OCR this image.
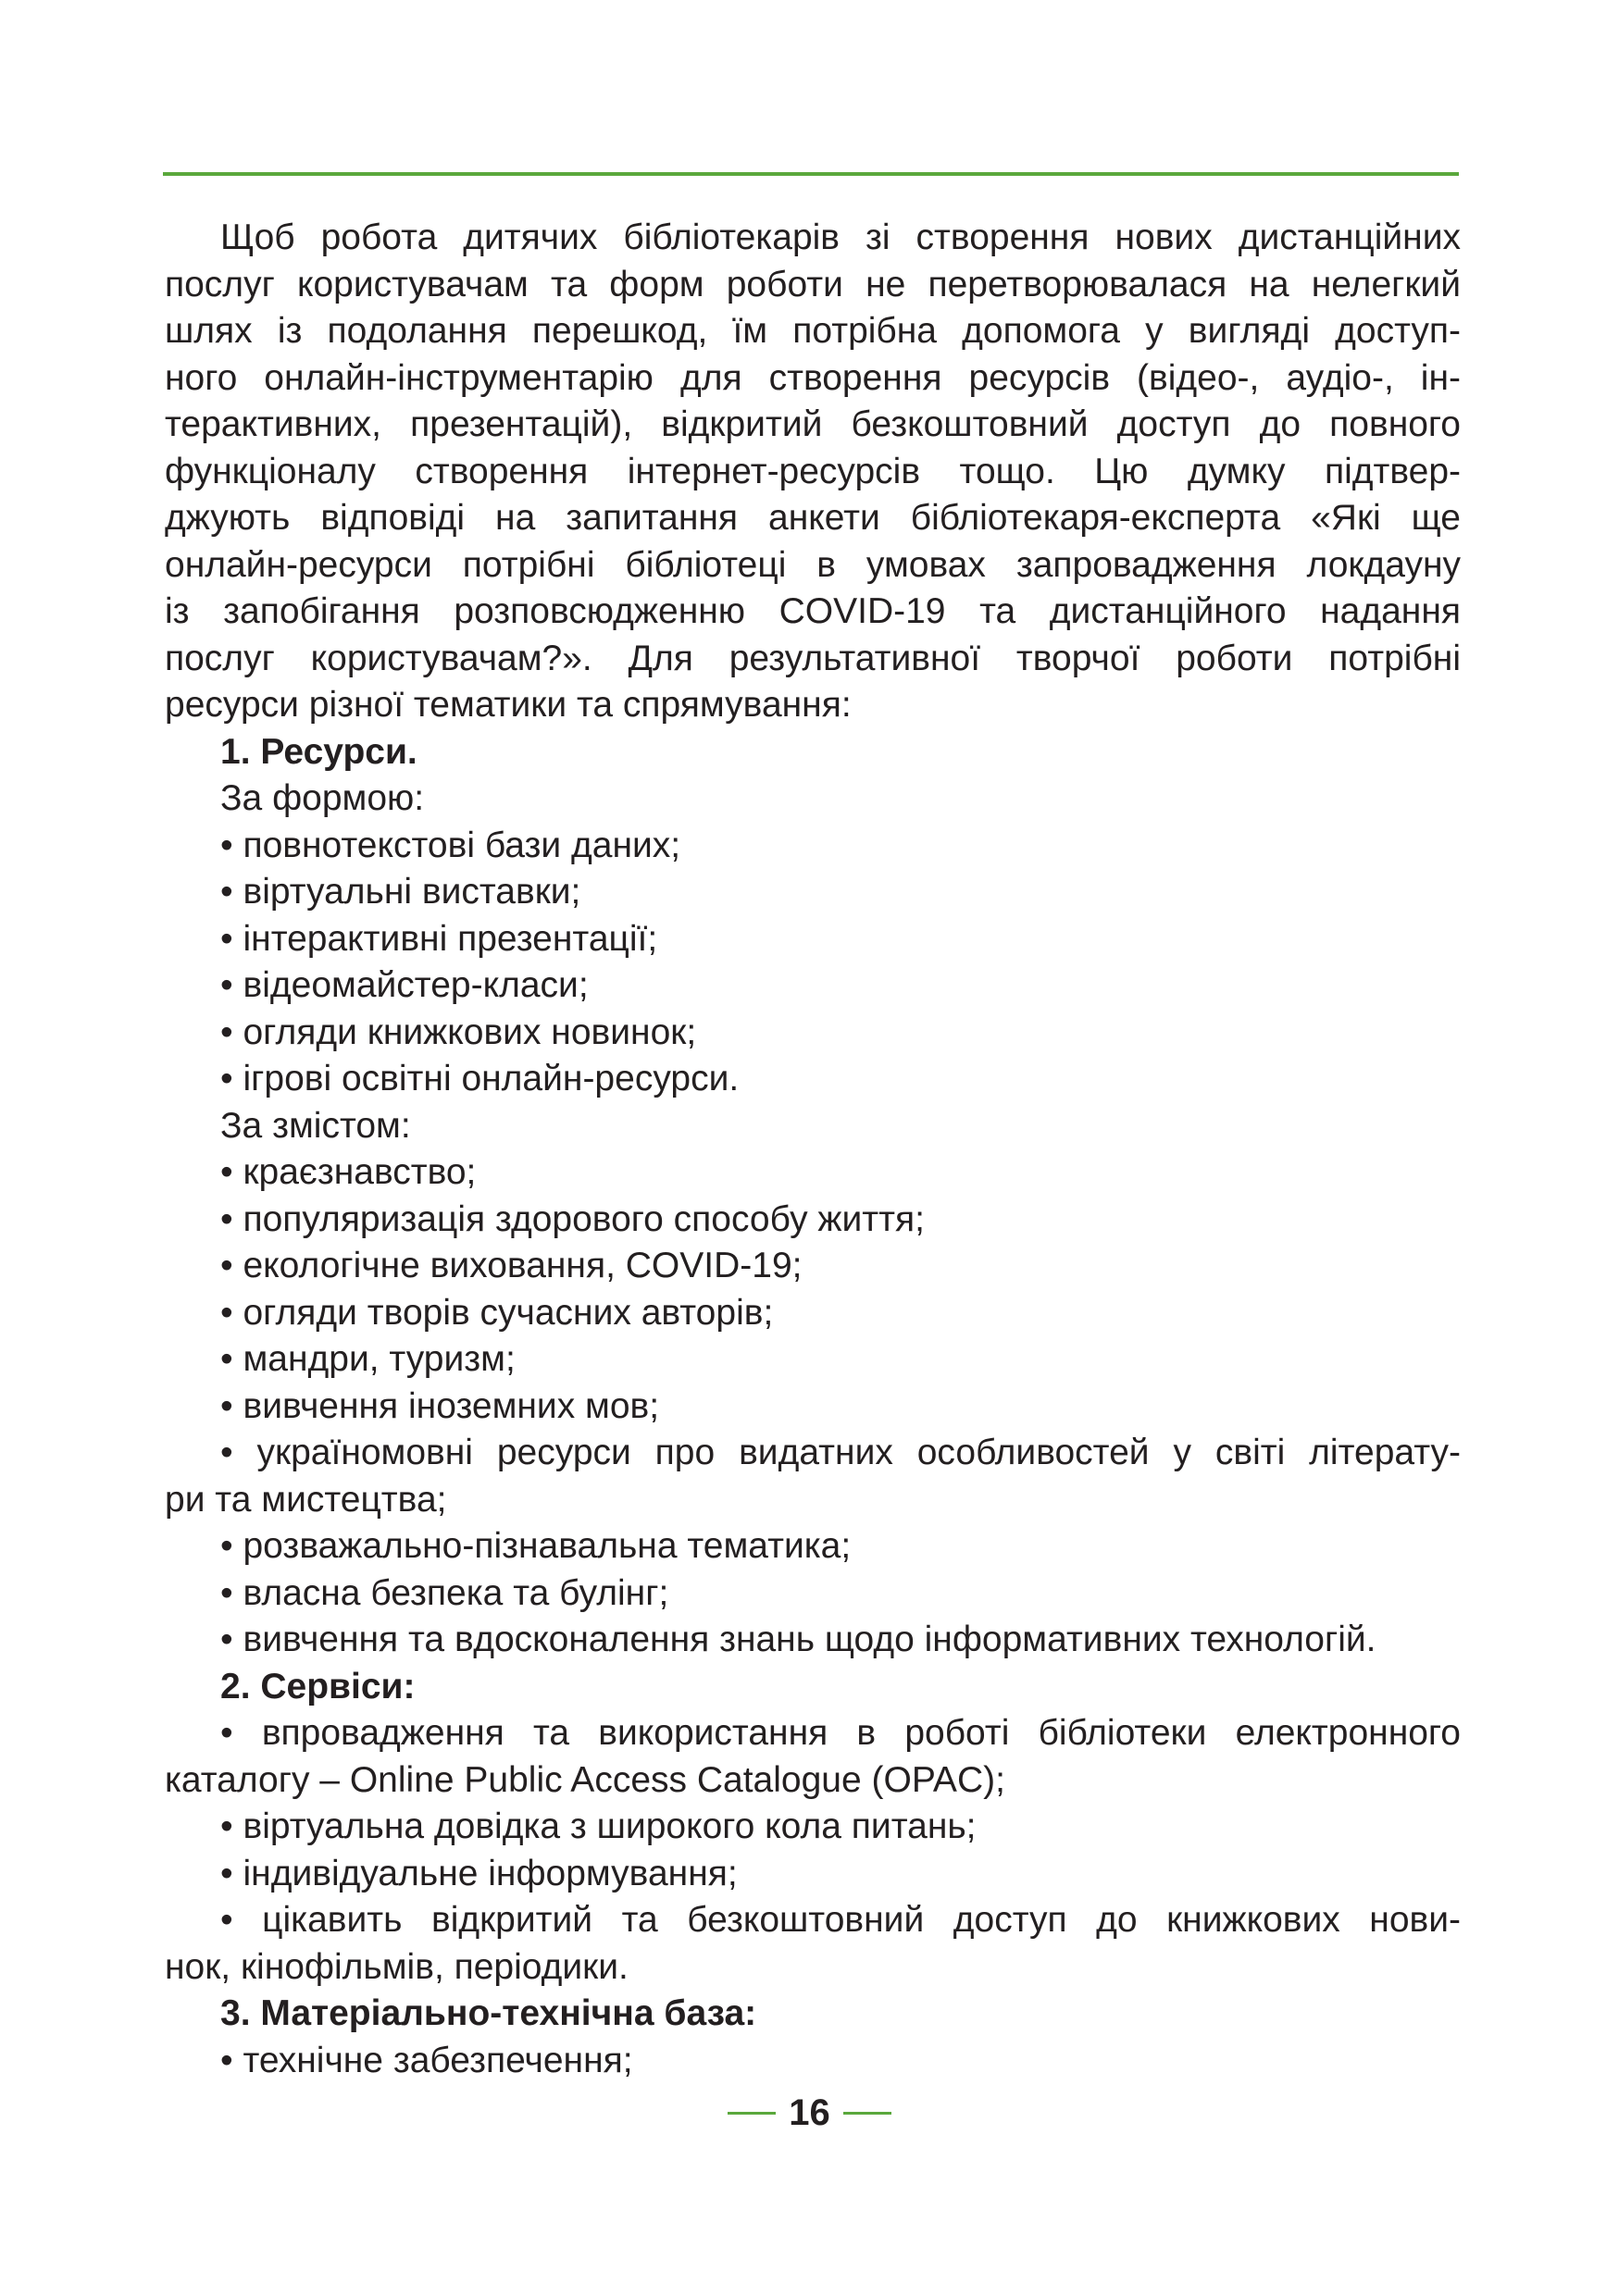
Щоб робота дитячих бібліотекарів зі створення нових дистанційних
послуг користувачам та форм роботи не перетворювалася на нелегкий
шлях із подолання перешкод, їм потрібна допомога у вигляді доступ-
ного онлайн-інструментарію для створення ресурсів (відео-, аудіо-, ін-
терактивних, презентацій), відкритий безкоштовний доступ до повного
функціоналу створення інтернет-ресурсів тощо. Цю думку підтвер-
джують відповіді на запитання анкети бібліотекаря-експерта «Які ще
онлайн-ресурси потрібні бібліотеці в умовах запровадження локдауну
із запобігання розповсюдженню COVID-19 та дистанційного надання
послуг користувачам?». Для результативної творчої роботи потрібні
ресурси різної тематики та спрямування:

1. Ресурси.

За формою:

• повнотекстові бази даних;

• віртуальні виставки;

• інтерактивні презентації;

• відеомайстер-класи;

• огляди книжкових новинок;

• ігрові освітні онлайн-ресурси.

За змістом:

• краєзнавство;

• популяризація здорового способу життя;

• екологічне виховання, COVID-19;

• огляди творів сучасних авторів;

• мандри, туризм;

• вивчення іноземних мов;

• україномовні ресурси про видатних особливостей у світі літерату-
ри та мистецтва;

• розважально-пізнавальна тематика;

• власна безпека та булінг;

• вивчення та вдосконалення знань щодо інформативних технологій.

2. Сервіси:

• впровадження та використання в роботі бібліотеки електронного
каталогу – Online Public Access Catalogue (OPAC);

• віртуальна довідка з широкого кола питань;

• індивідуальне інформування;

• цікавить відкритий та безкоштовний доступ до книжкових нови-
нок, кінофільмів, періодики.

3. Матеріально-технічна база:

• технічне забезпечення;

16
